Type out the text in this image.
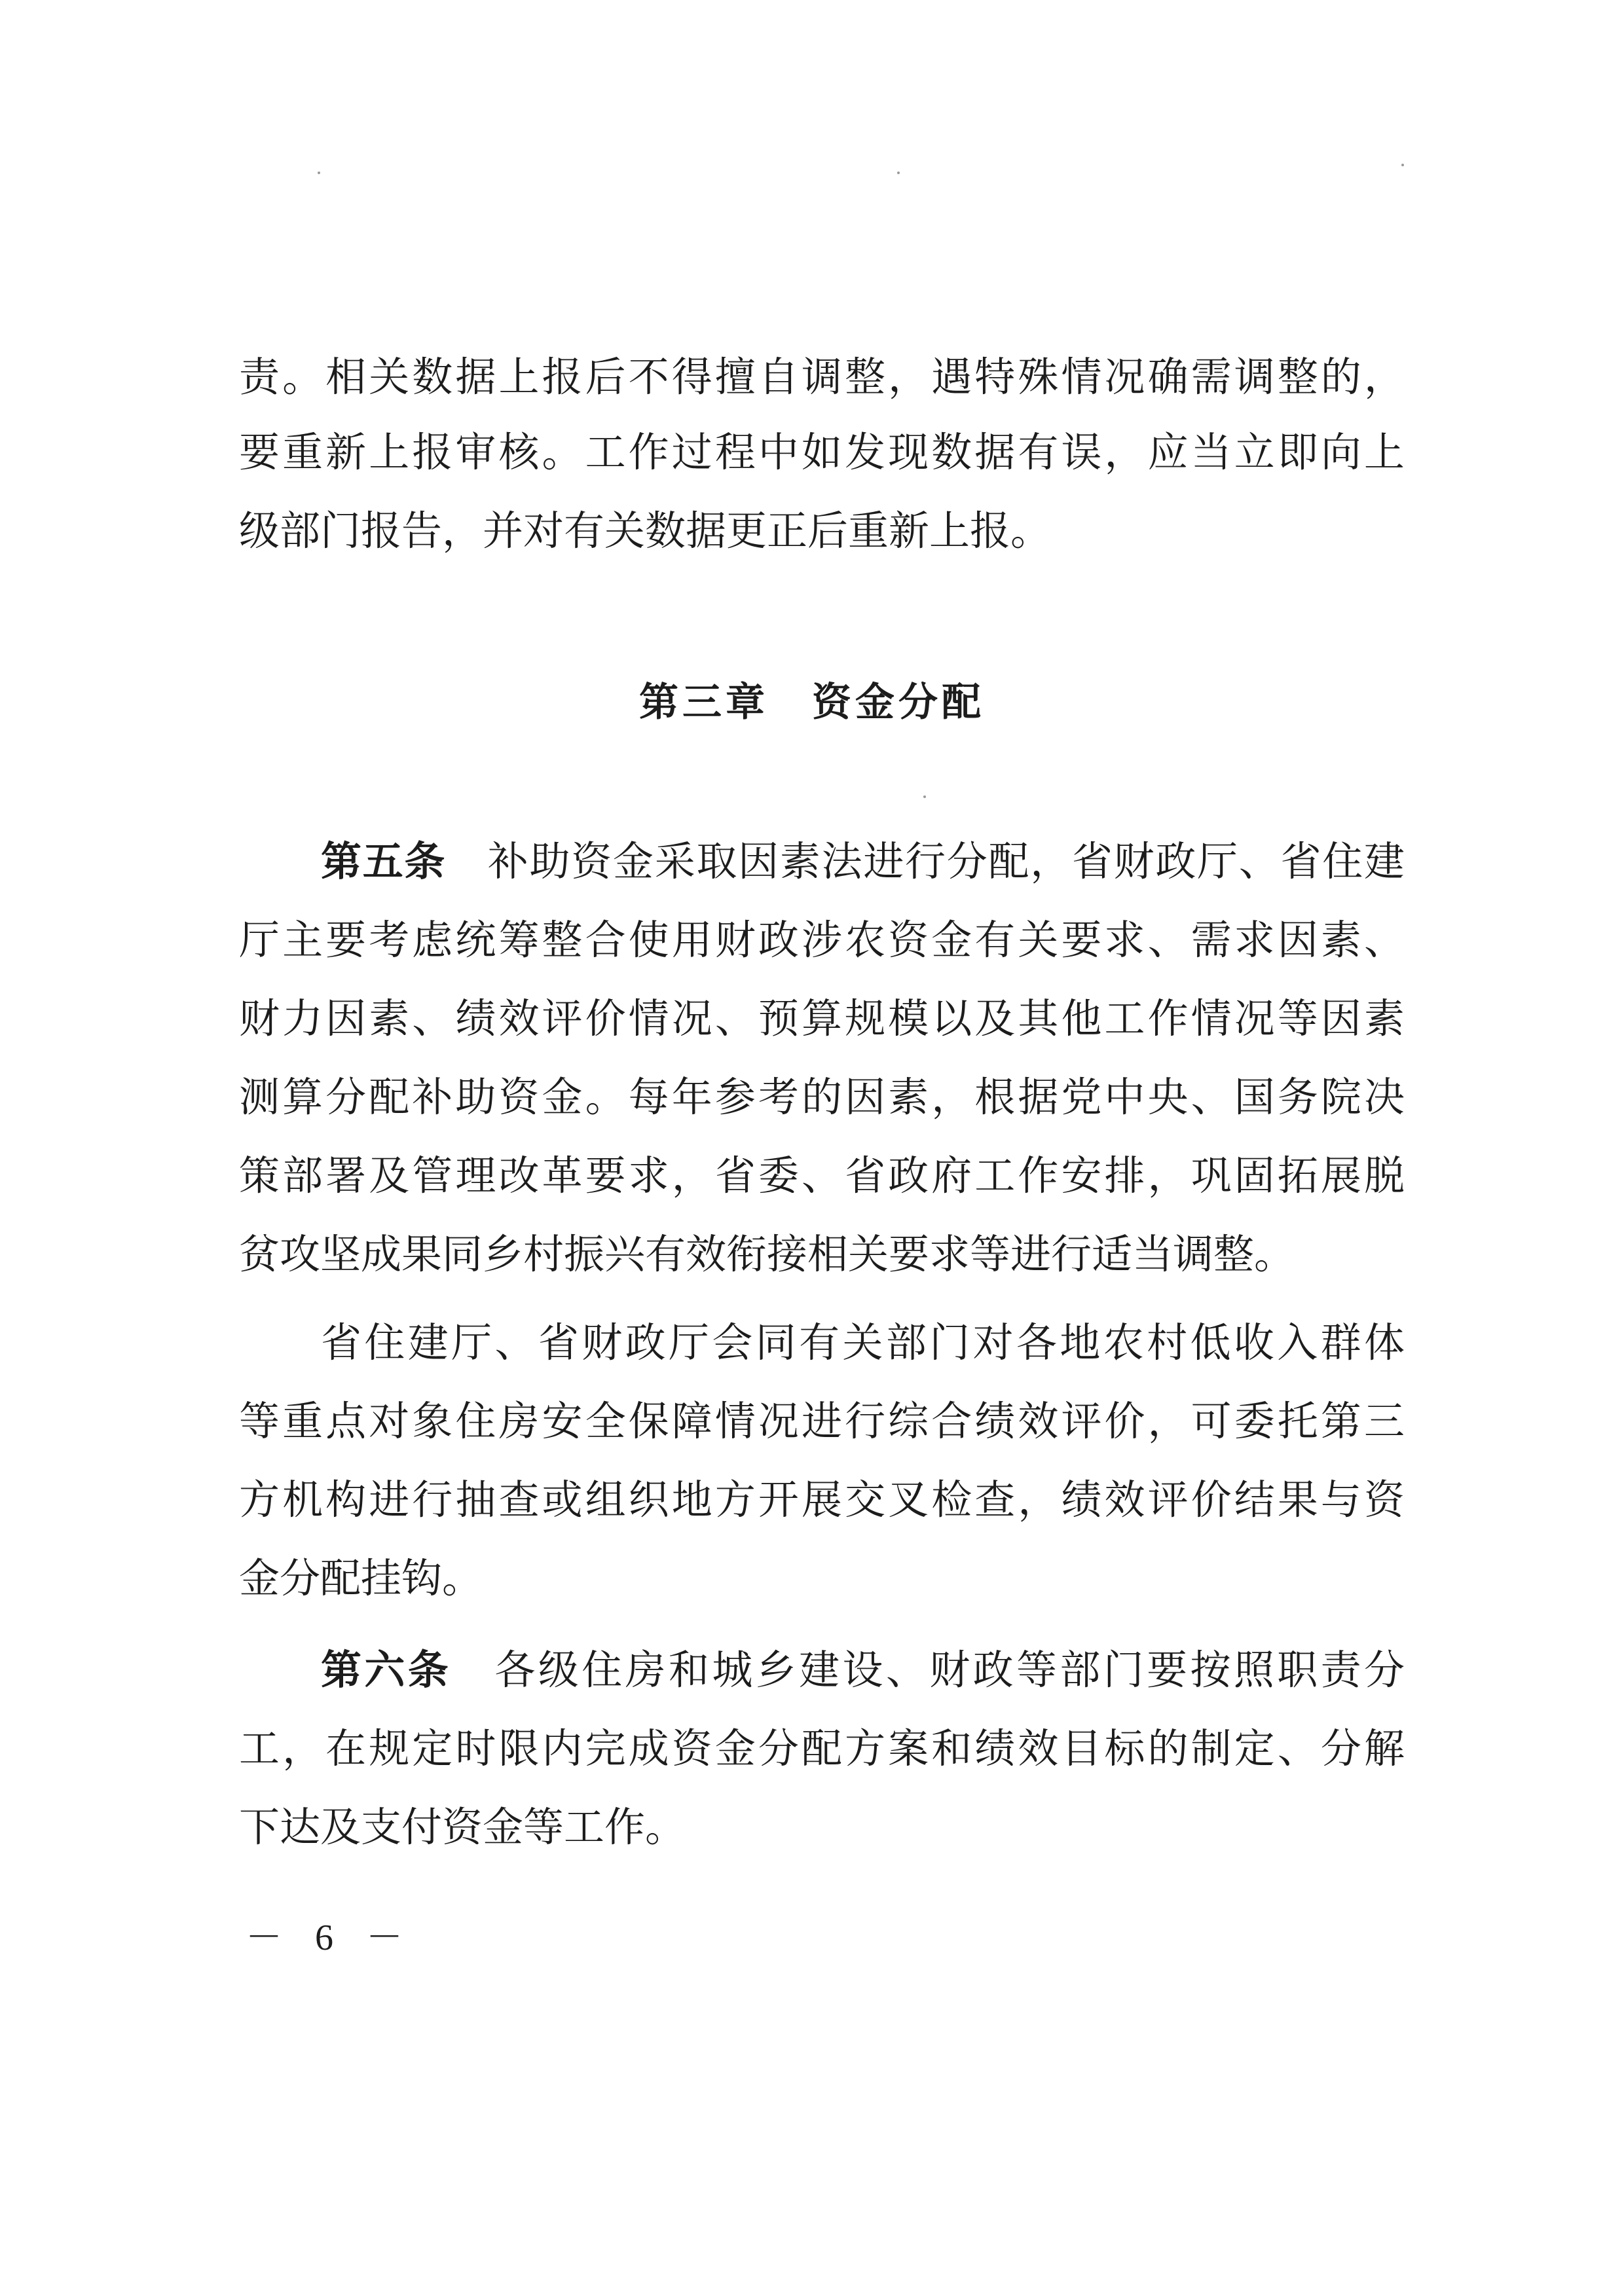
责。相关数据上报后不得擅自调整，遇特殊情况确需调整的，
要重新上报审核。工作过程中如发现数据有误，应当立即向上
级部门报告，并对有关数据更正后重新上报。
第三章　资金分配
第五条　 补助资金采取因素法进行分配，省财政厅、省住建
厅主要考虑统筹整合使用财政涉农资金有关要求、需求因素、
财力因素、绩效评价情况、预算规模以及其他工作情况等因素
测算分配补助资金。每年参考的因素，根据党中央、国务院决
策部署及管理改革要求，省委、省政府工作安排，巩固拓展脱
贫攻坚成果同乡村振兴有效衔接相关要求等进行适当调整。
省住建厅、省财政厅会同有关部门对各地农村低收入群体
等重点对象住房安全保障情况进行综合绩效评价，可委托第三
方机构进行抽查或组织地方开展交叉检查，绩效评价结果与资
金分配挂钩。
第六条　 各级住房和城乡建设、财政等部门要按照职责分
工，在规定时限内完成资金分配方案和绩效目标的制定、分解
下达及支付资金等工作。
－ 6 －
